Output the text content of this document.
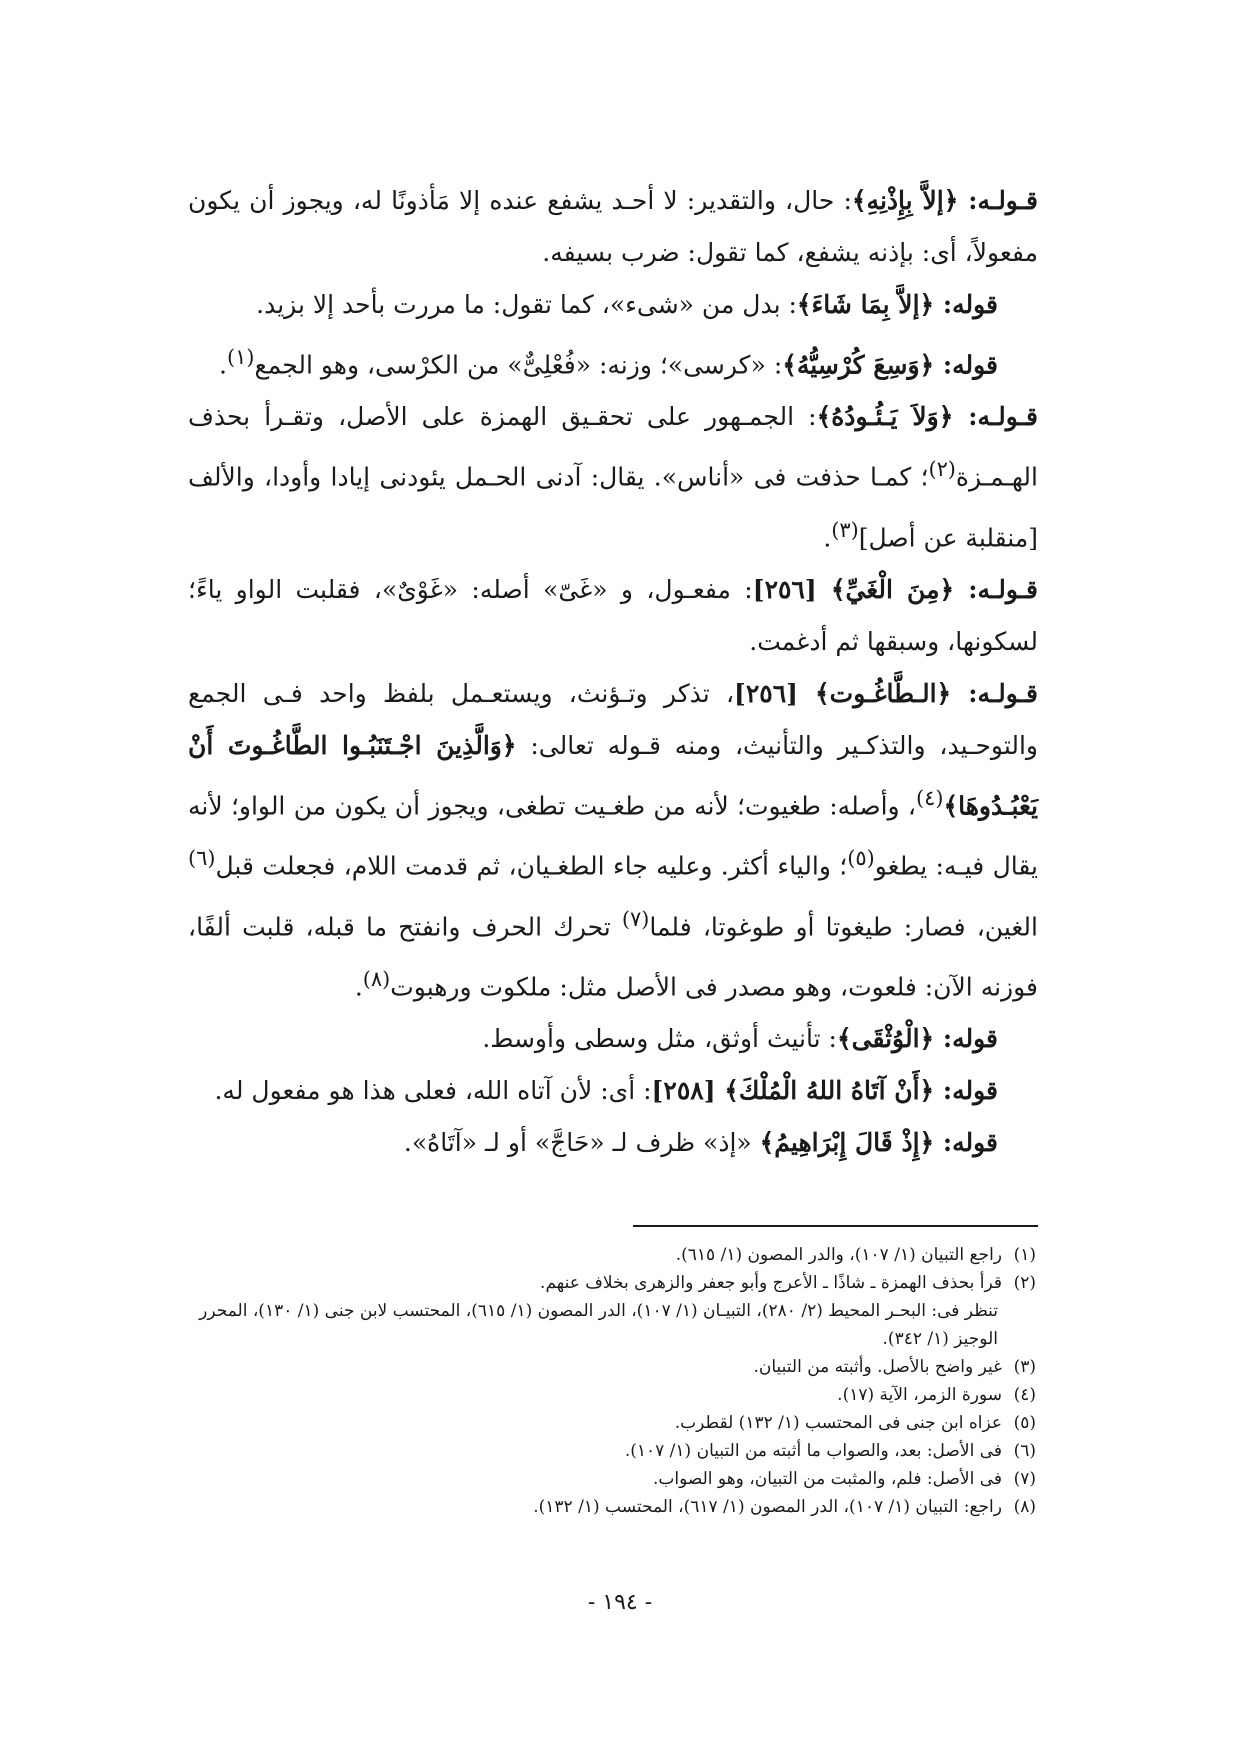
قـولـه: ﴿إلاَّ بِإِذْنِهِ﴾: حال، والتقدير: لا أحـد يشفع عنده إلا مَأذونًا له، ويجوز أن يكون مفعولاً، أى: بإذنه يشفع، كما تقول: ضرب بسيفه.

قوله: ﴿إلاَّ بِمَا شَاءَ﴾: بدل من «شىء»، كما تقول: ما مررت بأحد إلا بزيد.

قوله: ﴿وَسِعَ كُرْسِيُّهُ﴾: «كرسى»؛ وزنه: «فُعْلِىٌّ» من الكرْسى، وهو الجمع$^{(١)}$.

قـولـه: ﴿وَلاَ يَـئُـودُهُ﴾: الجمـهور على تحقـيق الهمزة على الأصل، وتقـرأ بحذف الهـمـزة$^{(٢)}$؛ كمـا حذفت فى «أناس». يقال: آدنى الحـمل يئودنى إيادا وأودا، والألف [منقلبة عن أصل]$^{(٣)}$.

قـولـه: ﴿مِنَ الْغَيِّ﴾ [٢٥٦]: مفعـول، و «غَىّ» أصله: «غَوْىٌ»، فقلبت الواو ياءً؛ لسكونها، وسبقها ثم أدغمت.

قـولـه: ﴿الـطَّاغُـوت﴾ [٢٥٦]، تذكر وتـؤنث، ويستعـمل بلفظ واحد فـى الجمع والتوحـيد، والتذكـير والتأنيث، ومنه قـوله تعالى: ﴿وَالَّذِينَ اجْـتَنَبُـوا الطَّاغُـوتَ أَنْ يَعْبُـدُوهَا﴾$^{(٤)}$، وأصله: طغيوت؛ لأنه من طغـيت تطغى، ويجوز أن يكون من الواو؛ لأنه يقال فيـه: يطغو$^{(٥)}$؛ والياء أكثر. وعليه جاء الطغـيان، ثم قدمت اللام، فجعلت قبل$^{(٦)}$ الغين، فصار: طيغوتا أو طوغوتا، فلما$^{(٧)}$ تحرك الحرف وانفتح ما قبله، قلبت ألفًا، فوزنه الآن: فلعوت، وهو مصدر فى الأصل مثل: ملكوت ورهبوت$^{(٨)}$.

قوله: ﴿الْوُثْقَى﴾: تأنيث أوثق، مثل وسطى وأوسط.

قوله: ﴿أَنْ آتَاهُ اللهُ الْمُلْكَ﴾ [٢٥٨]: أى: لأن آتاه الله، فعلى هذا هو مفعول له.

قوله: ﴿إِذْ قَالَ إِبْرَاهِيمُ﴾ «إذ» ظرف لـ «حَاجَّ» أو لـ «آتَاهُ».

(١)راجع التبيان (١/ ١٠٧)، والدر المصون (١/ ٦١٥).

(٢)قرأ بحذف الهمزة ـ شاذًا ـ الأعرج وأبو جعفر والزهرى بخلاف عنهم.

تنظر فى: البحـر المحيط (٢/ ٢٨٠)، التبيـان (١/ ١٠٧)، الدر المصون (١/ ٦١٥)، المحتسب لابن جنى (١/ ١٣٠)، المحرر الوجيز (١/ ٣٤٢).

(٣)غير واضح بالأصل. وأثبته من التبيان.

(٤)سورة الزمر، الآية (١٧).

(٥)عزاه ابن جنى فى المحتسب (١/ ١٣٢) لقطرب.

(٦)فى الأصل: بعد، والصواب ما أثبته من التبيان (١/ ١٠٧).

(٧)فى الأصل: فلم، والمثبت من التبيان، وهو الصواب.

(٨)راجع: التبيان (١/ ١٠٧)، الدر المصون (١/ ٦١٧)، المحتسب (١/ ١٣٢).

- ١٩٤ -
